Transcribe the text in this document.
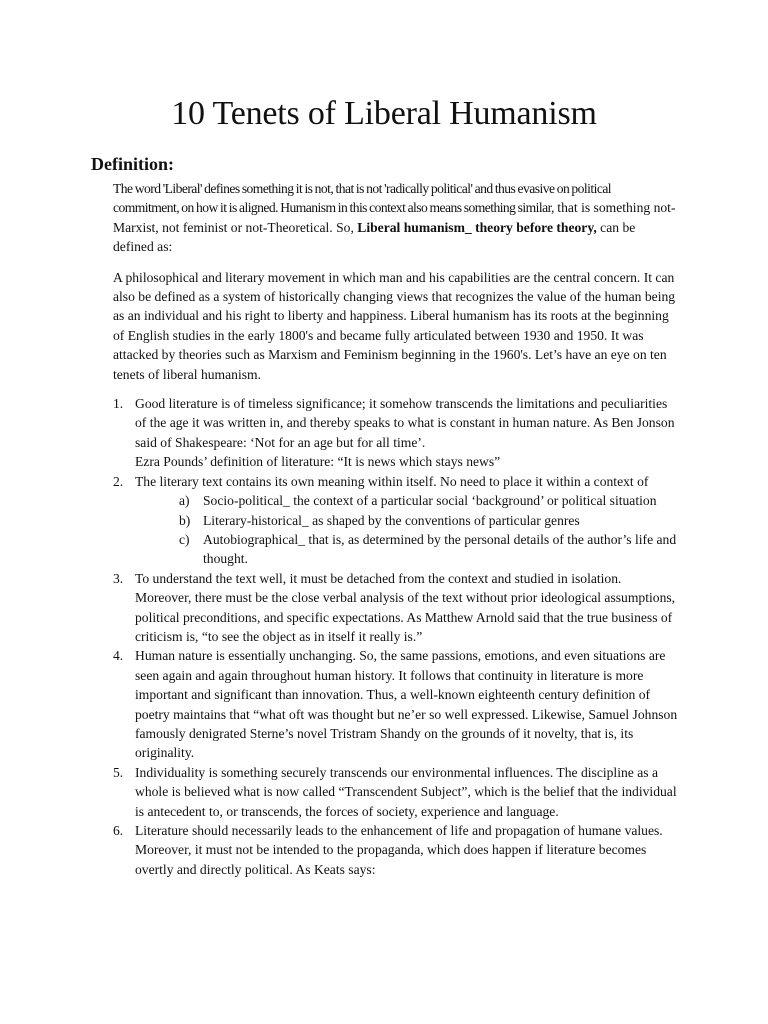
10 Tenets of Liberal Humanism
Definition:

The word 'Liberal' defines something it is not, that is not 'radically political' and thus evasive on political commitment, on how it is aligned. Humanism in this context also means something similar, that is something not-Marxist, not feminist or not-Theoretical. So, Liberal humanism_ theory before theory, can be defined as:

A philosophical and literary movement in which man and his capabilities are the central concern. It can also be defined as a system of historically changing views that recognizes the value of the human being as an individual and his right to liberty and happiness. Liberal humanism has its roots at the beginning of English studies in the early 1800's and became fully articulated between 1930 and 1950. It was attacked by theories such as Marxism and Feminism beginning in the 1960's. Let’s have an eye on ten tenets of liberal humanism.

1. Good literature is of timeless significance; it somehow transcends the limitations and peculiarities of the age it was written in, and thereby speaks to what is constant in human nature. As Ben Jonson said of Shakespeare: ‘Not for an age but for all time’.
Ezra Pounds’ definition of literature: “It is news which stays news”
2. The literary text contains its own meaning within itself. No need to place it within a context of
a) Socio-political_ the context of a particular social ‘background’ or political situation
b) Literary-historical_ as shaped by the conventions of particular genres
c) Autobiographical_ that is, as determined by the personal details of the author’s life and thought.
3. To understand the text well, it must be detached from the context and studied in isolation. Moreover, there must be the close verbal analysis of the text without prior ideological assumptions, political preconditions, and specific expectations. As Matthew Arnold said that the true business of criticism is, “to see the object as in itself it really is.”
4. Human nature is essentially unchanging. So, the same passions, emotions, and even situations are seen again and again throughout human history. It follows that continuity in literature is more important and significant than innovation. Thus, a well-known eighteenth century definition of poetry maintains that “what oft was thought but ne’er so well expressed. Likewise, Samuel Johnson famously denigrated Sterne’s novel Tristram Shandy on the grounds of it novelty, that is, its originality.
5. Individuality is something securely transcends our environmental influences. The discipline as a whole is believed what is now called “Transcendent Subject”, which is the belief that the individual is antecedent to, or transcends, the forces of society, experience and language.
6. Literature should necessarily leads to the enhancement of life and propagation of humane values. Moreover, it must not be intended to the propaganda, which does happen if literature becomes overtly and directly political. As Keats says:
